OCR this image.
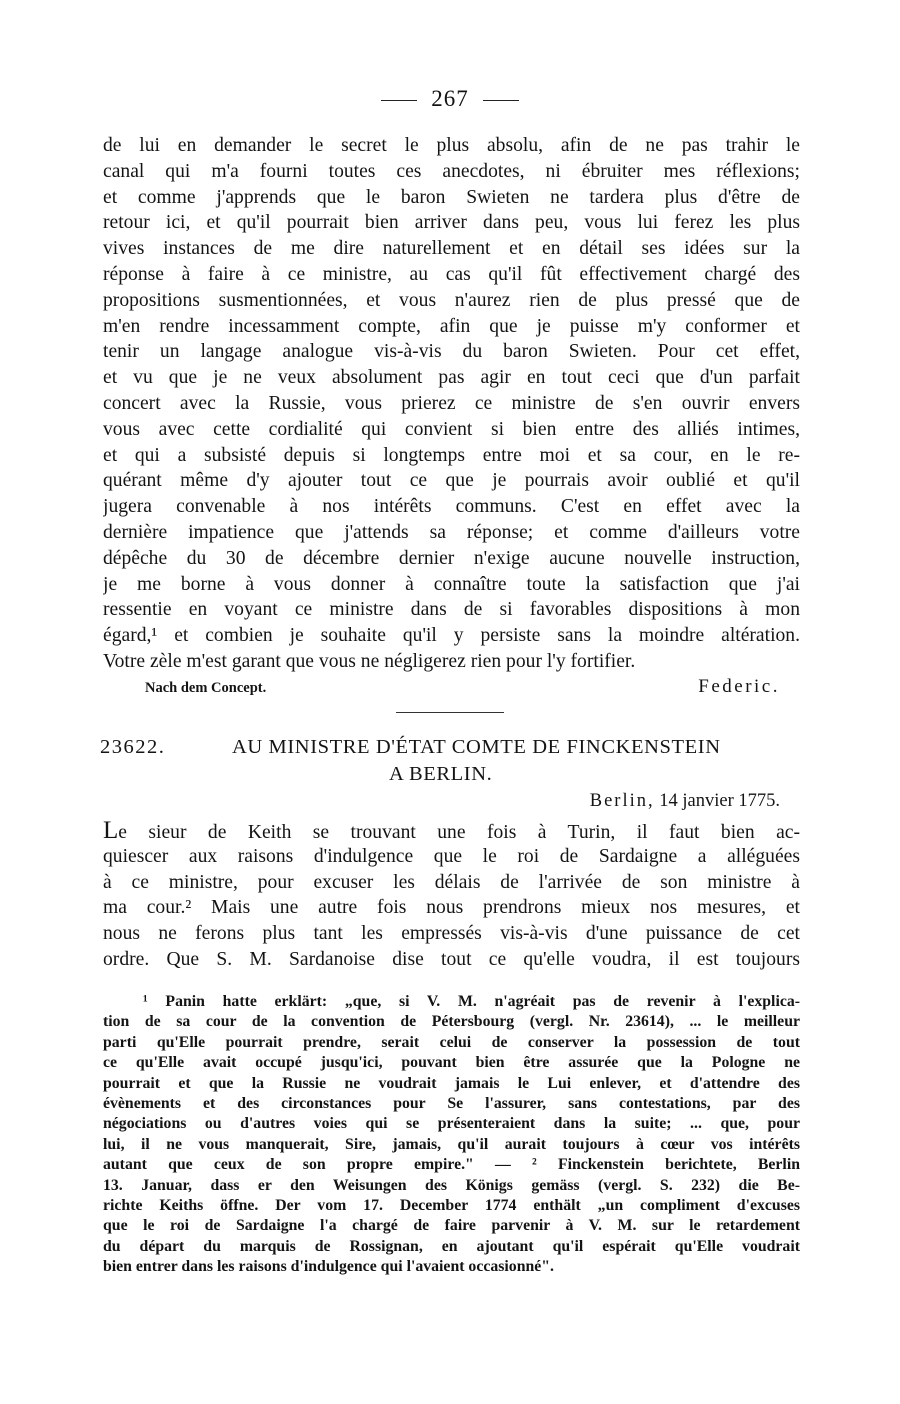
267
de lui en demander le secret le plus absolu, afin de ne pas trahir le
canal qui m'a fourni toutes ces anecdotes, ni ébruiter mes réflexions;
et comme j'apprends que le baron Swieten ne tardera plus d'être de
retour ici, et qu'il pourrait bien arriver dans peu, vous lui ferez les plus
vives instances de me dire naturellement et en détail ses idées sur la
réponse à faire à ce ministre, au cas qu'il fût effectivement chargé des
propositions susmentionnées, et vous n'aurez rien de plus pressé que de
m'en rendre incessamment compte, afin que je puisse m'y conformer et
tenir un langage analogue vis-à-vis du baron Swieten. Pour cet effet,
et vu que je ne veux absolument pas agir en tout ceci que d'un parfait
concert avec la Russie, vous prierez ce ministre de s'en ouvrir envers
vous avec cette cordialité qui convient si bien entre des alliés intimes,
et qui a subsisté depuis si longtemps entre moi et sa cour, en le re-
quérant même d'y ajouter tout ce que je pourrais avoir oublié et qu'il
jugera convenable à nos intérêts communs. C'est en effet avec la
dernière impatience que j'attends sa réponse; et comme d'ailleurs votre
dépêche du 30 de décembre dernier n'exige aucune nouvelle instruction,
je me borne à vous donner à connaître toute la satisfaction que j'ai
ressentie en voyant ce ministre dans de si favorables dispositions à mon
égard,¹ et combien je souhaite qu'il y persiste sans la moindre altération.
Votre zèle m'est garant que vous ne négligerez rien pour l'y fortifier.
Nach dem Concept.	Federic.
23622.	AU MINISTRE D'ÉTAT COMTE DE FINCKENSTEIN
A BERLIN.
Berlin, 14 janvier 1775.
Le sieur de Keith se trouvant une fois à Turin, il faut bien ac-
quiescer aux raisons d'indulgence que le roi de Sardaigne a alléguées
à ce ministre, pour excuser les délais de l'arrivée de son ministre à
ma cour.² Mais une autre fois nous prendrons mieux nos mesures, et
nous ne ferons plus tant les empressés vis-à-vis d'une puissance de cet
ordre. Que S. M. Sardanoise dise tout ce qu'elle voudra, il est toujours
¹ Panin hatte erklärt: „que, si V. M. n'agréait pas de revenir à l'explica-
tion de sa cour de la convention de Pétersbourg (vergl. Nr. 23614), ... le meilleur
parti qu'Elle pourrait prendre, serait celui de conserver la possession de tout
ce qu'Elle avait occupé jusqu'ici, pouvant bien être assurée que la Pologne ne
pourrait et que la Russie ne voudrait jamais le Lui enlever, et d'attendre des
évènements et des circonstances pour Se l'assurer, sans contestations, par des
négociations ou d'autres voies qui se présenteraient dans la suite; ... que, pour
lui, il ne vous manquerait, Sire, jamais, qu'il aurait toujours à cœur vos intérêts
autant que ceux de son propre empire." — ² Finckenstein berichtete, Berlin
13. Januar, dass er den Weisungen des Königs gemäss (vergl. S. 232) die Be-
richte Keiths öffne. Der vom 17. December 1774 enthält „un compliment d'excuses
que le roi de Sardaigne l'a chargé de faire parvenir à V. M. sur le retardement
du départ du marquis de Rossignan, en ajoutant qu'il espérait qu'Elle voudrait
bien entrer dans les raisons d'indulgence qui l'avaient occasionné".
